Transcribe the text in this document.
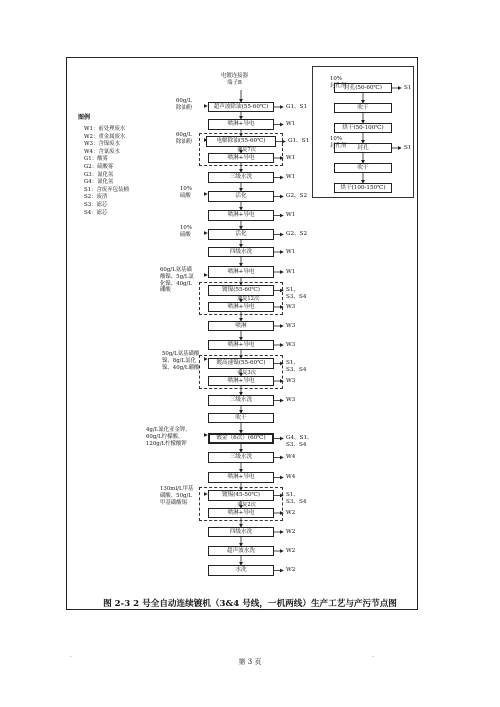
图例
W1：前处理废水
W2：重金属废水
W3：含镍废水
W4：含氰废水
G1：酸雾
G2：硫酸雾
G3：氰化氢
G4：氰化氢
S1：含废弃包装桶
S2：废渣
S3：滤芯
S4：滤芯
电镀连接器
端子B
超声波除油(55-60℃)	G1、S1
喷淋+导电	W1
电解除油(55-60℃)	G1、S1
喷淋+导电	W1
三级水洗	W1
活化	G2、S2
喷淋+导电	W1
活化	G2、S2
四级水洗	W1
喷淋+导电	W1
镀镍(55-60℃)	S1、
S3、S4
喷淋+导电	W3
喷淋	W3
喷淋+导电	W3
镀高速镍(55-60℃)	S1、
S3、S4
喷淋+导电	W3
三级水洗	W3
吹干
镀金（6次）(60℃)	G4、S1、
S3、S4
三级水洗	W4
喷淋+导电	W4
镀锡(45-50℃)	S1、
S3、S4
喷淋+导电	W2
四级水洗	W2
超声波水洗	W2
水洗	W2
重复7次
重复12次
重复3次
重复2次
60g/L
除油粉
60g/L
除油粉
10%
硫酸
10%
硫酸
60g/L氨基磺
酸镍、5g/L氯
化镍、40g/L
硼酸
50g/L氨基磺酸
镍、8g/L氯化
镍、40g/L硼酸
4g/L氰化亚金钾、
60g/L柠檬酸、
120g/L柠檬酸钾
130ml/L甲基
磺酸、50g/L
甲基磺酸锡
封孔(50-60℃)	S1
吹干
烘干(50-100℃)
封孔	S1
吹干
烘干(100-150℃)
10%
封孔剂
10%
封孔剂
图 2-3 2 号全自动连续镀机（3&4 号线，一机两线）生产工艺与产污节点图
·	·
第 3 页
